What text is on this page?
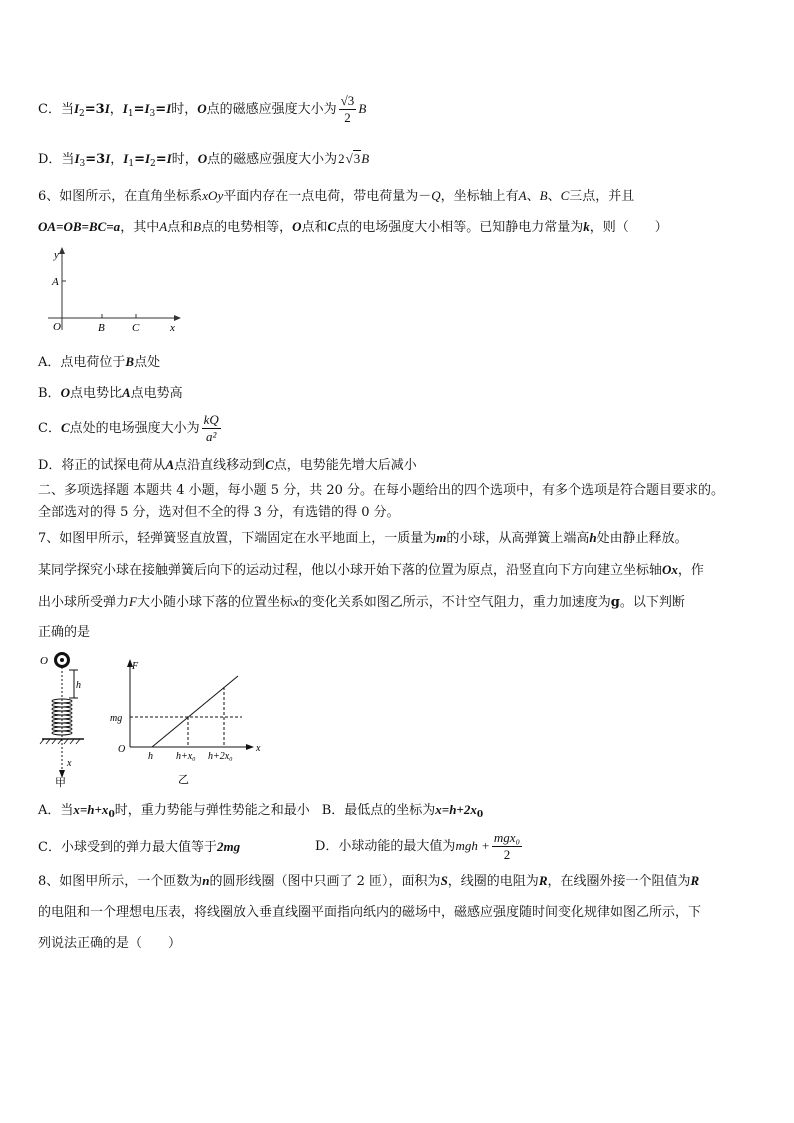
C．当$I_2=3I$，$I_1=I_3=I$时，O点的磁感应强度大小为 $\frac{√3}{2}$ B
D．当$I_3=3I$，$I_1=I_2=I$时，O点的磁感应强度大小为2√3B
6、如图所示，在直角坐标系xOy平面内存在一点电荷，带电荷量为－Q，坐标轴上有A、B、C三点，并且
OA=OB=BC=a，其中A点和B点的电势相等，O点和C点的电场强度大小相等。已知静电力常量为k，则（　　）
y
A
O	B C	x
A．点电荷位于B点处
B．O点电势比A点电势高
C．C点处的电场强度大小为 $\frac{kQ}{\text{a²}}$
D．将正的试探电荷从A点沿直线移动到C点，电势能先增大后减小
二、多项选择题 本题共 4 小题，每小题 5 分，共 20 分。在每小题给出的四个选项中，有多个选项是符合题目要求的。
全部选对的得 5 分，选对但不全的得 3 分，有选错的得 0 分。
7、如图甲所示，轻弹簧竖直放置，下端固定在水平地面上，一质量为m的小球，从高弹簧上端高h处由静止释放。
某同学探究小球在接触弹簧后向下的运动过程，他以小球开始下落的位置为原点，沿竖直向下方向建立坐标轴Ox，作
出小球所受弹力F大小随小球下落的位置坐标x的变化关系如图乙所示，不计空气阻力，重力加速度为g。以下判断
正确的是
O
h
x
甲
F
x
O
mg
h h+x₀ h+2x₀
乙
A．当$x=h+x_0$时，重力势能与弹性势能之和最小 B．最低点的坐标为$x=h+2x_0$
C．小球受到的弹力最大值等于2mg	D．小球动能的最大值为mgh + $\frac{\text{mgx₀}}{2}$
8、如图甲所示，一个匝数为n的圆形线圈（图中只画了 2 匝），面积为S，线圈的电阻为R，在线圈外接一个阻值为R
的电阻和一个理想电压表，将线圈放入垂直线圈平面指向纸内的磁场中，磁感应强度随时间变化规律如图乙所示，下
列说法正确的是（　　）
